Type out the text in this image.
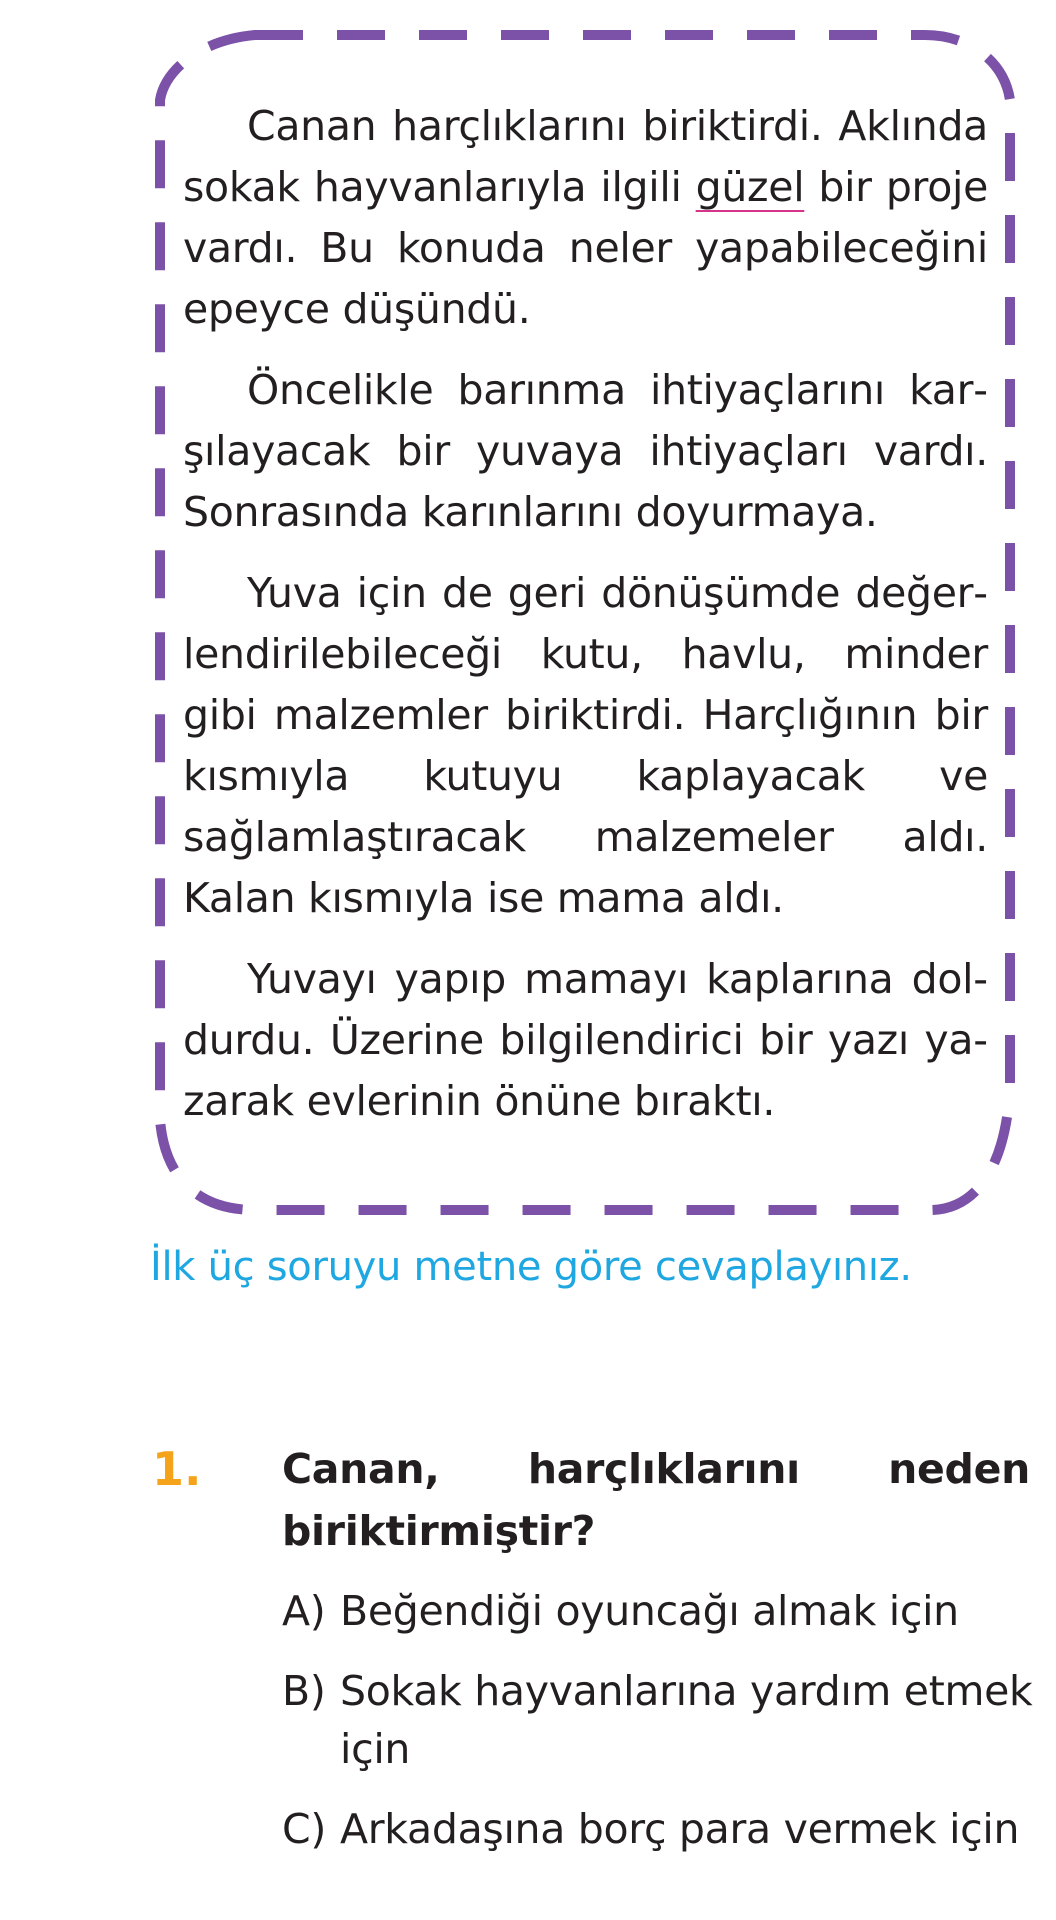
Canan harçlıklarını biriktirdi. Aklında sokak hayvanlarıyla ilgili güzel bir proje vardı. Bu konuda neler yapabileceğini epeyce düşündü.

Öncelikle barınma ihtiyaçlarını karşılayacak bir yuvaya ihtiyaçları vardı. Sonrasında karınlarını doyurmaya.

Yuva için de geri dönüşümde değerlendirilebileceği kutu, havlu, minder gibi malzemler biriktirdi. Harçlığının bir kısmıyla kutuyu kaplayacak ve sağlamlaştıracak malzemeler aldı. Kalan kısmıyla ise mama aldı.

Yuvayı yapıp mamayı kaplarına doldurdu. Üzerine bilgilendirici bir yazı yazarak evlerinin önüne bıraktı.

İlk üç soruyu metne göre cevaplayınız.
1. Canan, harçlıklarını neden biriktirmiştir?
A) Beğendiği oyuncağı almak için
B) Sokak hayvanlarına yardım etmek için
C) Arkadaşına borç para vermek için
